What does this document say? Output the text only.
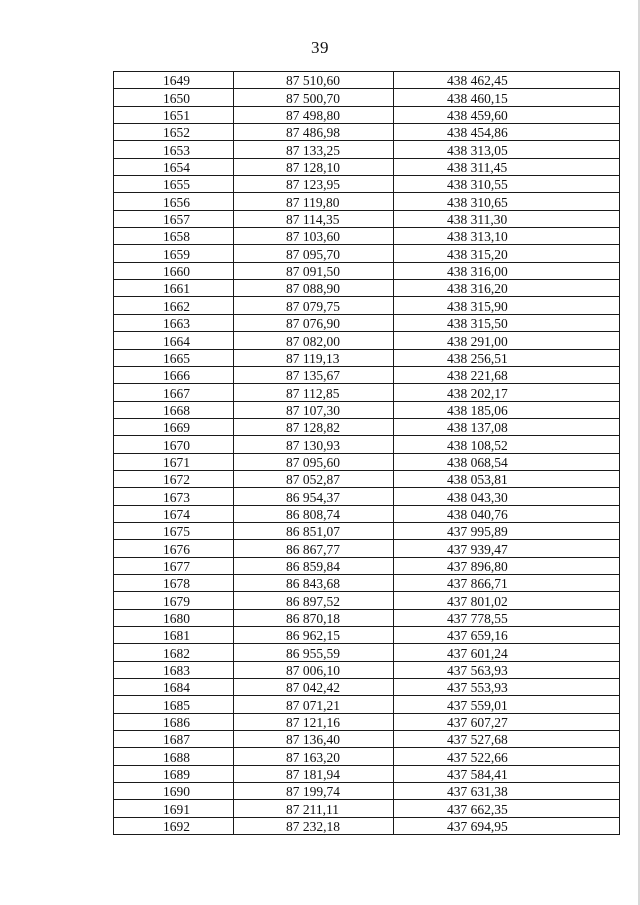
39
1649	87 510,60	438 462,45
1650	87 500,70	438 460,15
1651	87 498,80	438 459,60
1652	87 486,98	438 454,86
1653	87 133,25	438 313,05
1654	87 128,10	438 311,45
1655	87 123,95	438 310,55
1656	87 119,80	438 310,65
1657	87 114,35	438 311,30
1658	87 103,60	438 313,10
1659	87 095,70	438 315,20
1660	87 091,50	438 316,00
1661	87 088,90	438 316,20
1662	87 079,75	438 315,90
1663	87 076,90	438 315,50
1664	87 082,00	438 291,00
1665	87 119,13	438 256,51
1666	87 135,67	438 221,68
1667	87 112,85	438 202,17
1668	87 107,30	438 185,06
1669	87 128,82	438 137,08
1670	87 130,93	438 108,52
1671	87 095,60	438 068,54
1672	87 052,87	438 053,81
1673	86 954,37	438 043,30
1674	86 808,74	438 040,76
1675	86 851,07	437 995,89
1676	86 867,77	437 939,47
1677	86 859,84	437 896,80
1678	86 843,68	437 866,71
1679	86 897,52	437 801,02
1680	86 870,18	437 778,55
1681	86 962,15	437 659,16
1682	86 955,59	437 601,24
1683	87 006,10	437 563,93
1684	87 042,42	437 553,93
1685	87 071,21	437 559,01
1686	87 121,16	437 607,27
1687	87 136,40	437 527,68
1688	87 163,20	437 522,66
1689	87 181,94	437 584,41
1690	87 199,74	437 631,38
1691	87 211,11	437 662,35
1692	87 232,18	437 694,95
